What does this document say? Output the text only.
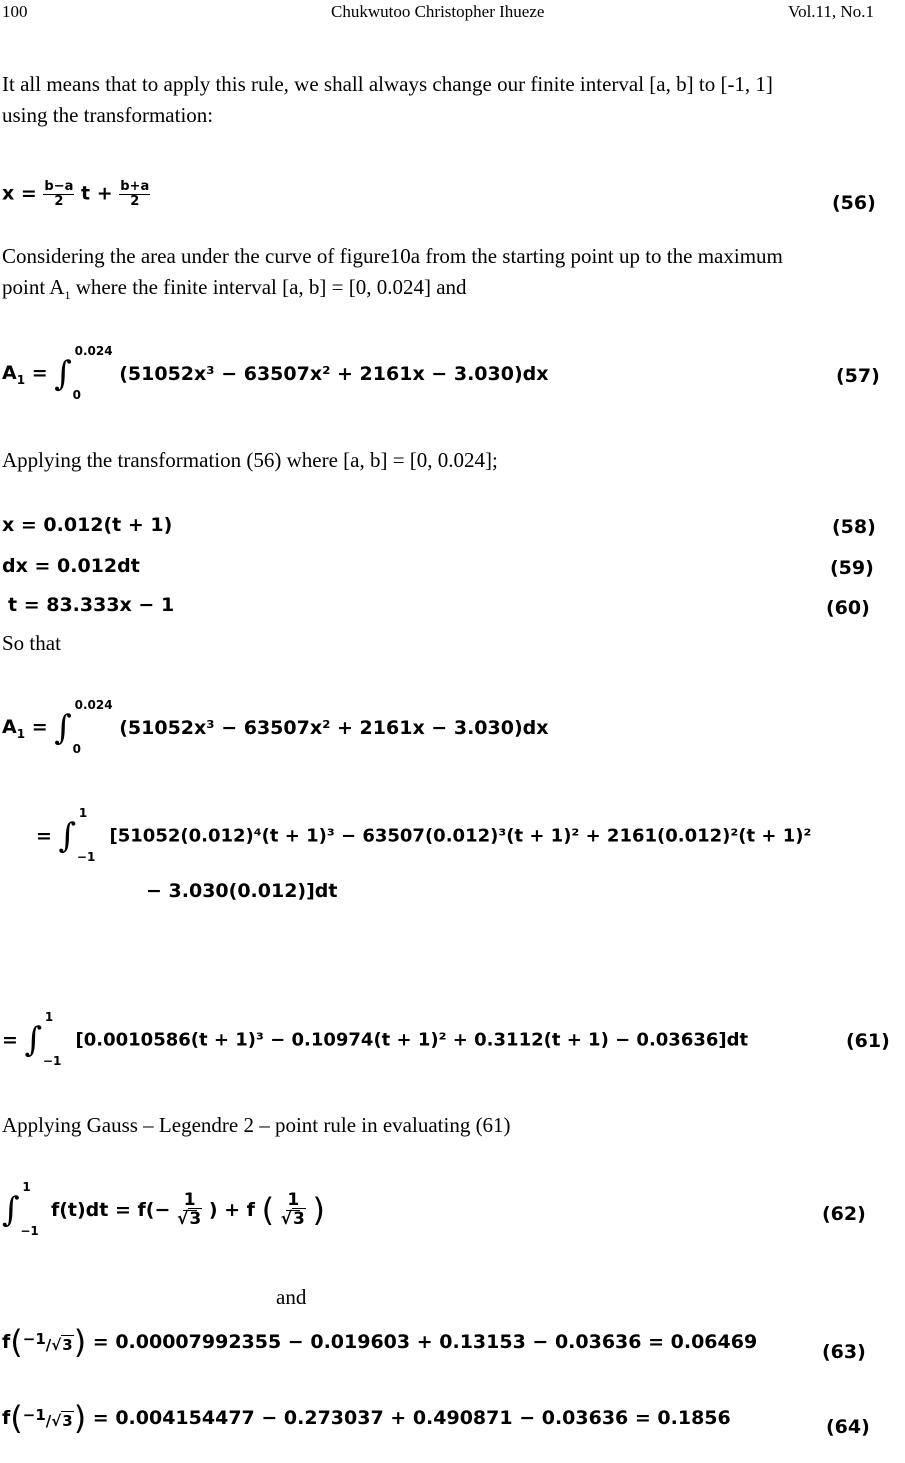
100	Chukwutoo Christopher Ihueze	Vol.11, No.1
It all means that to apply this rule, we shall always change our finite interval [a, b] to [-1, 1]
using the transformation:
$x = \frac{b-a}{2}$ $t + \frac{b+a}{2}$	(56)
Considering the area under the curve of figure10a from the starting point up to the maximum
point $A_1$ where the finite interval [a, b] = [0, 0.024] and
$A_1$ = ∫
0.024
0
(51052x³ − 63507x² + 2161x − 3.030)dx	(57)
Applying the transformation (56) where [a, b] = [0, 0.024];
x = 0.012(t + 1)	(58)
dx = 0.012dt	(59)
t = 83.333x − 1	(60)
So that
$A_1$ = ∫
0.024
0
(51052x³ − 63507x² + 2161x − 3.030)dx
= ∫
1
−1
[51052(0.012)⁴(t + 1)³ − 63507(0.012)³(t + 1)² + 2161(0.012)²(t + 1)²
− 3.030(0.012)]dt
= ∫
1
−1
[0.0010586(t + 1)³ − 0.10974(t + 1)² + 0.3112(t + 1) − 0.03636]dt	(61)
Applying Gauss – Legendre 2 – point rule in evaluating (61)
∫
1
−1
$f(t)dt = f(- \frac{1}{√3}$ ) + f ( $\frac{1}{√3}$ )	(62)
and
f($^{-1}$/√3) = 0.00007992355 − 0.019603 + 0.13153 − 0.03636 = 0.06469	(63)
f($^{-1}$/√3) = 0.004154477 − 0.273037 + 0.490871 − 0.03636 = 0.1856	(64)
